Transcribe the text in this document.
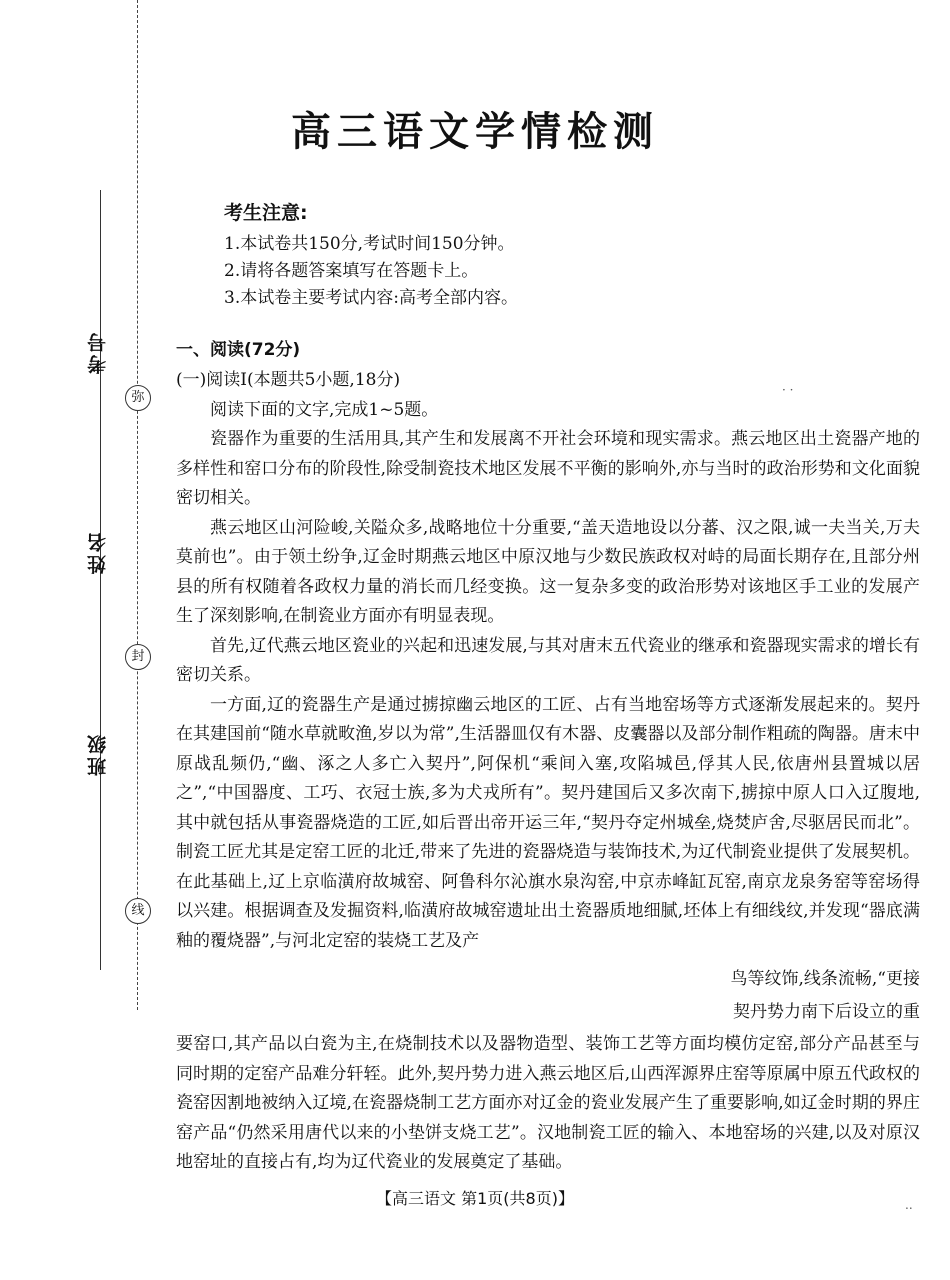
考号
姓名
班级
弥
封
线
高三语文学情检测
考生注意:
1.本试卷共150分,考试时间150分钟。
2.请将各题答案填写在答题卡上。
3.本试卷主要考试内容:高考全部内容。
一、阅读(72分)
(一)阅读Ⅰ(本题共5小题,18分)
阅读下面的文字,完成1~5题。

瓷器作为重要的生活用具,其产生和发展离不开社会环境和现实需求。燕云地区出土瓷器产地的多样性和窑口分布的阶段性,除受制瓷技术地区发展不平衡的影响外,亦与当时的政治形势和文化面貌密切相关。

燕云地区山河险峻,关隘众多,战略地位十分重要,“盖天造地设以分蕃、汉之限,诚一夫当关,万夫莫前也”。由于领土纷争,辽金时期燕云地区中原汉地与少数民族政权对峙的局面长期存在,且部分州县的所有权随着各政权力量的消长而几经变换。这一复杂多变的政治形势对该地区手工业的发展产生了深刻影响,在制瓷业方面亦有明显表现。

首先,辽代燕云地区瓷业的兴起和迅速发展,与其对唐末五代瓷业的继承和瓷器现实需求的增长有密切关系。

一方面,辽的瓷器生产是通过掳掠幽云地区的工匠、占有当地窑场等方式逐渐发展起来的。契丹在其建国前“随水草就畋渔,岁以为常”,生活器皿仅有木器、皮囊器以及部分制作粗疏的陶器。唐末中原战乱频仍,“幽、涿之人多亡入契丹”,阿保机“乘间入塞,攻陷城邑,俘其人民,依唐州县置城以居之”,“中国器度、工巧、衣冠士族,多为犬戎所有”。契丹建国后又多次南下,掳掠中原人口入辽腹地,其中就包括从事瓷器烧造的工匠,如后晋出帝开运三年,“契丹夺定州城垒,烧焚庐舍,尽驱居民而北”。制瓷工匠尤其是定窑工匠的北迁,带来了先进的瓷器烧造与装饰技术,为辽代制瓷业提供了发展契机。在此基础上,辽上京临潢府故城窑、阿鲁科尔沁旗水泉沟窑,中京赤峰缸瓦窑,南京龙泉务窑等窑场得以兴建。根据调查及发掘资料,临潢府故城窑遗址出土瓷器质地细腻,坯体上有细线纹,并发现“器底满釉的覆烧器”,与河北定窑的装烧工艺及产

鸟等纹饰,线条流畅,“更接
契丹势力南下后设立的重

要窑口,其产品以白瓷为主,在烧制技术以及器物造型、装饰工艺等方面均模仿定窑,部分产品甚至与同时期的定窑产品难分轩轾。此外,契丹势力进入燕云地区后,山西浑源界庄窑等原属中原五代政权的瓷窑因割地被纳入辽境,在瓷器烧制工艺方面亦对辽金的瓷业发展产生了重要影响,如辽金时期的界庄窑产品“仍然采用唐代以来的小垫饼支烧工艺”。汉地制瓷工匠的输入、本地窑场的兴建,以及对原汉地窑址的直接占有,均为辽代瓷业的发展奠定了基础。

【高三语文 第1页(共8页)】
· ·
..
